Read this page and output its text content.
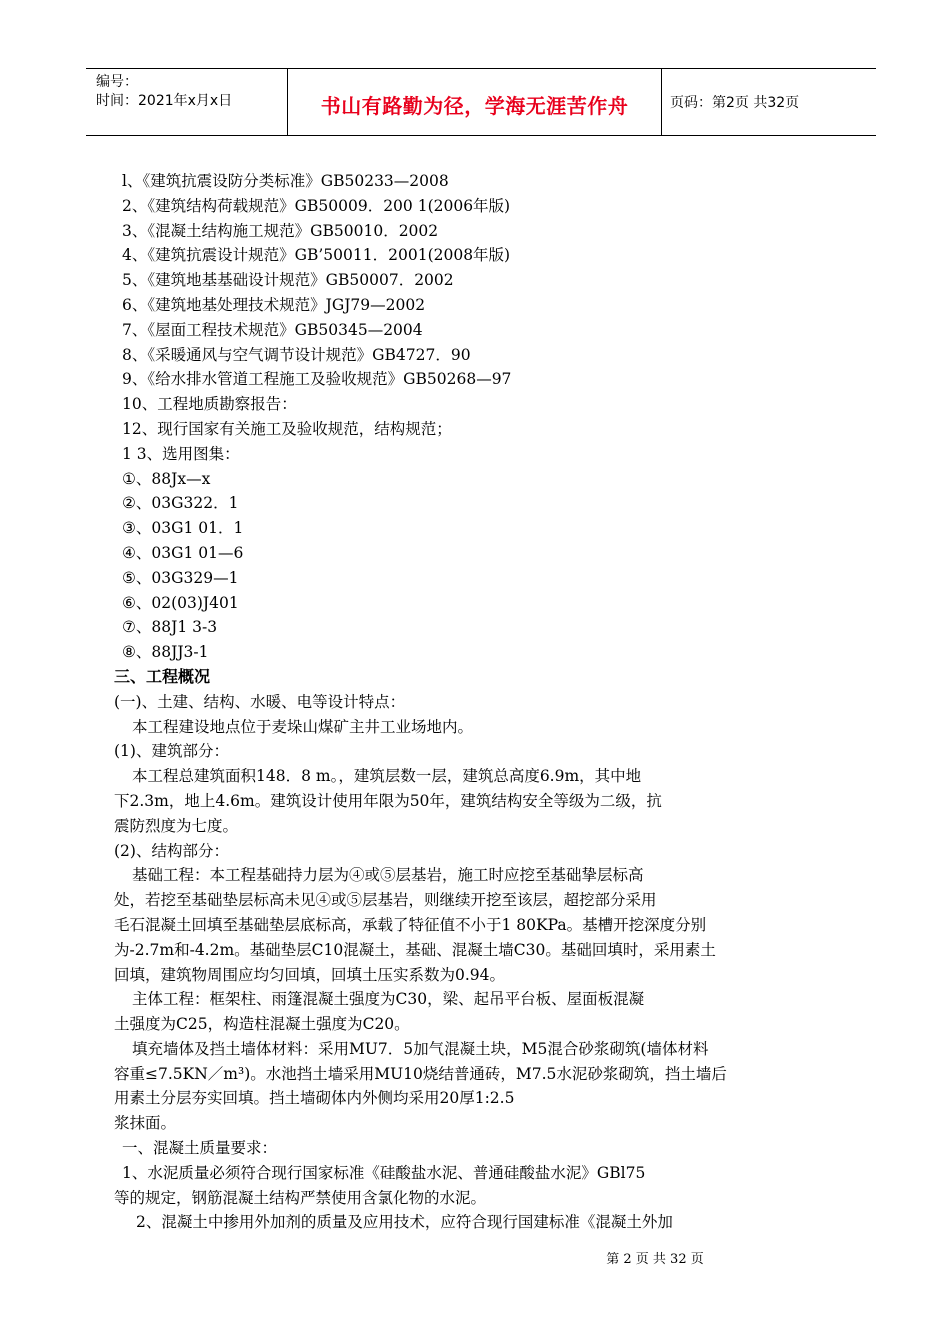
编号：
时间：2021年x月x日	书山有路勤为径，学海无涯苦作舟	页码：第2页 共32页
l、《建筑抗震设防分类标准》GB50233—2008
2、《建筑结构荷载规范》GB50009．200 1(2006年版)
3、《混凝土结构施工规范》GB50010．2002
4、《建筑抗震设计规范》GB’50011．2001(2008年版)
5、《建筑地基基础设计规范》GB50007．2002
6、《建筑地基处理技术规范》JGJ79—2002
7、《屋面工程技术规范》GB50345—2004
8、《采暖通风与空气调节设计规范》GB4727．90
9、《给水排水管道工程施工及验收规范》GB50268—97
10、工程地质勘察报告：
12、现行国家有关施工及验收规范，结构规范；
1 3、选用图集：
①、88Jx—x
②、03G322．1
③、03G1 01．1
④、03G1 01—6
⑤、03G329—1
⑥、02(03)J401
⑦、88J1 3-3
⑧、88JJ3-1
三、工程概况
(一)、土建、结构、水暖、电等设计特点：
本工程建设地点位于麦垛山煤矿主井工业场地内。
(1)、建筑部分：
本工程总建筑面积148．8 m。，建筑层数一层，建筑总高度6.9m，其中地
下2.3m，地上4.6m。建筑设计使用年限为50年，建筑结构安全等级为二级，抗
震防烈度为七度。
(2)、结构部分：
基础工程：本工程基础持力层为④或⑤层基岩，施工时应挖至基础挚层标高
处，若挖至基础垫层标高未见④或⑤层基岩，则继续开挖至该层，超挖部分采用
毛石混凝土回填至基础垫层底标高，承载了特征值不小于1 80KPa。基槽开挖深度分别
为-2.7m和-4.2m。基础垫层C10混凝土，基础、混凝土墙C30。基础回填时，采用素土
回填，建筑物周围应均匀回填，回填土压实系数为0.94。
主体工程：框架柱、雨篷混凝土强度为C30，梁、起吊平台板、屋面板混凝
土强度为C25，构造柱混凝土强度为C20。
填充墙体及挡土墙体材料：采用MU7．5加气混凝土块，M5混合砂浆砌筑(墙体材料
容重≤7.5KN／m³)。水池挡土墙采用MU10烧结普通砖，M7.5水泥砂浆砌筑，挡土墙后
用素土分层夯实回填。挡土墙砌体内外侧均采用20厚1:2.5
浆抹面。
一、混凝土质量要求：
1、水泥质量必须符合现行国家标准《硅酸盐水泥、普通硅酸盐水泥》GBl75
等的规定，钢筋混凝土结构严禁使用含氯化物的水泥。
2、混凝土中掺用外加剂的质量及应用技术，应符合现行国建标准《混凝土外加
第 2 页 共 32 页
